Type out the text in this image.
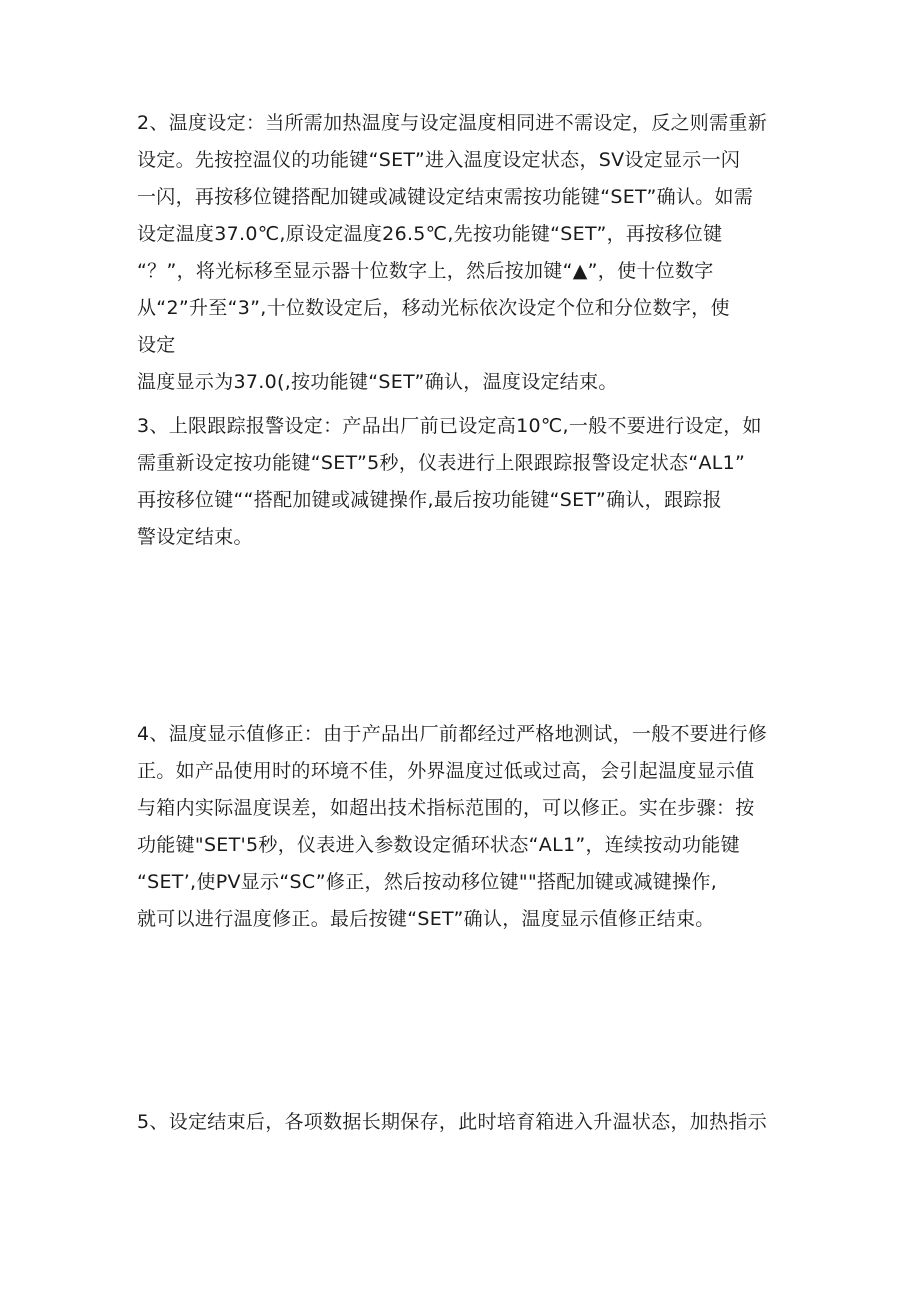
2、温度设定：当所需加热温度与设定温度相同进不需设定，反之则需重新
设定。先按控温仪的功能键“SET”进入温度设定状态，SV设定显示一闪
一闪，再按移位键搭配加键或减键设定结束需按功能键“SET”确认。如需
设定温度37.0℃,原设定温度26.5℃,先按功能键“SET”，再按移位键
“？”，将光标移至显示器十位数字上，然后按加键“▲”，使十位数字
从“2”升至“3”,十位数设定后，移动光标依次设定个位和分位数字，使
设定
温度显示为37.0(,按功能键“SET”确认，温度设定结束。
3、上限跟踪报警设定：产品出厂前已设定高10℃,一般不要进行设定，如
需重新设定按功能键“SET”5秒，仪表进行上限跟踪报警设定状态“AL1”
再按移位键““搭配加键或减键操作,最后按功能键“SET”确认，跟踪报
警设定结束。
4、温度显示值修正：由于产品出厂前都经过严格地测试，一般不要进行修
正。如产品使用时的环境不佳，外界温度过低或过高，会引起温度显示值
与箱内实际温度误差，如超出技术指标范围的，可以修正。实在步骤：按
功能键"SET'5秒，仪表进入参数设定循环状态“AL1”，连续按动功能键
“SET’,使PV显示“SC”修正，然后按动移位键""搭配加键或减键操作,
就可以进行温度修正。最后按键“SET”确认，温度显示值修正结束。
5、设定结束后，各项数据长期保存，此时培育箱进入升温状态，加热指示
